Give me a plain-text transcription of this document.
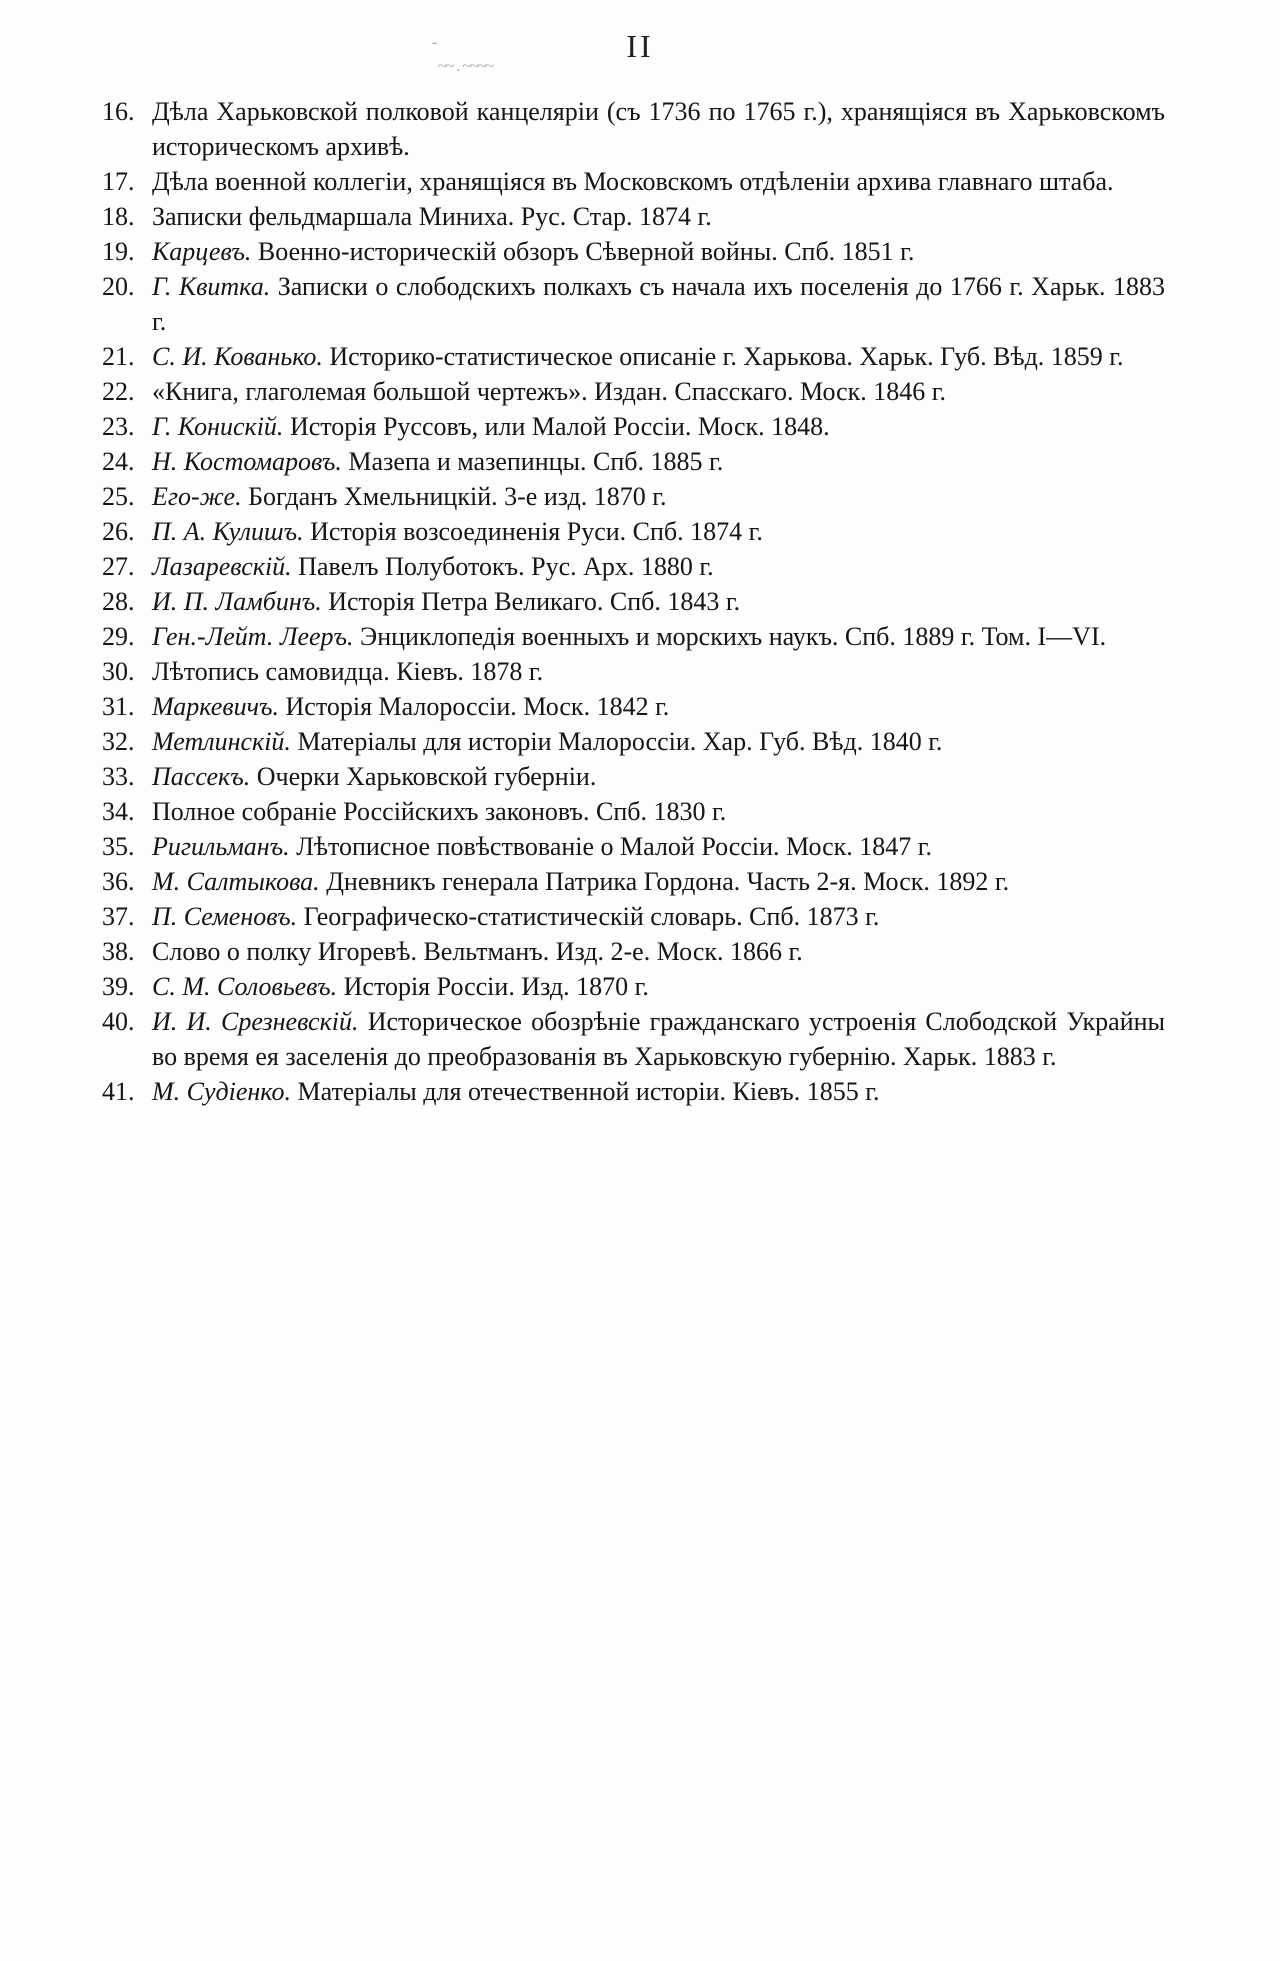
II
-
~~ . ~~~~
16. Дѣла Харьковской полковой канцеляріи (съ 1736 по 1765 г.), хранящіяся въ Харьковскомъ историческомъ архивѣ.
17. Дѣла военной коллегіи, хранящіяся въ Московскомъ отдѣленіи архива главнаго штаба.
18. Записки фельдмаршала Миниха. Рус. Стар. 1874 г.
19. Карцевъ. Военно-историческій обзоръ Сѣверной войны. Спб. 1851 г.
20. Г. Квитка. Записки о слободскихъ полкахъ съ начала ихъ поселенія до 1766 г. Харьк. 1883 г.
21. С. И. Кованько. Историко-статистическое описаніе г. Харькова. Харьк. Губ. Вѣд. 1859 г.
22. «Книга, глаголемая большой чертежъ». Издан. Спасскаго. Моск. 1846 г.
23. Г. Конискій. Исторія Руссовъ, или Малой Россіи. Моск. 1848.
24. Н. Костомаровъ. Мазепа и мазепинцы. Спб. 1885 г.
25. Его-же. Богданъ Хмельницкій. 3-е изд. 1870 г.
26. П. А. Кулишъ. Исторія возсоединенія Руси. Спб. 1874 г.
27. Лазаревскій. Павелъ Полуботокъ. Рус. Арх. 1880 г.
28. И. П. Ламбинъ. Исторія Петра Великаго. Спб. 1843 г.
29. Ген.-Лейт. Лееръ. Энциклопедія военныхъ и морскихъ наукъ. Спб. 1889 г. Том. I—VI.
30. Лѣтопись самовидца. Кіевъ. 1878 г.
31. Маркевичъ. Исторія Малороссіи. Моск. 1842 г.
32. Метлинскій. Матеріалы для исторіи Малороссіи. Хар. Губ. Вѣд. 1840 г.
33. Пассекъ. Очерки Харьковской губерніи.
34. Полное собраніе Россійскихъ законовъ. Спб. 1830 г.
35. Ригильманъ. Лѣтописное повѣствованіе о Малой Россіи. Моск. 1847 г.
36. М. Салтыкова. Дневникъ генерала Патрика Гордона. Часть 2-я. Моск. 1892 г.
37. П. Семеновъ. Географическо-статистическій словарь. Спб. 1873 г.
38. Слово о полку Игоревѣ. Вельтманъ. Изд. 2-е. Моск. 1866 г.
39. С. М. Соловьевъ. Исторія Россіи. Изд. 1870 г.
40. И. И. Срезневскій. Историческое обозрѣніе гражданскаго устроенія Слободской Украйны во время ея заселенія до преобразованія въ Харьковскую губернію. Харьк. 1883 г.
41. М. Судіенко. Матеріалы для отечественной исторіи. Кіевъ. 1855 г.
